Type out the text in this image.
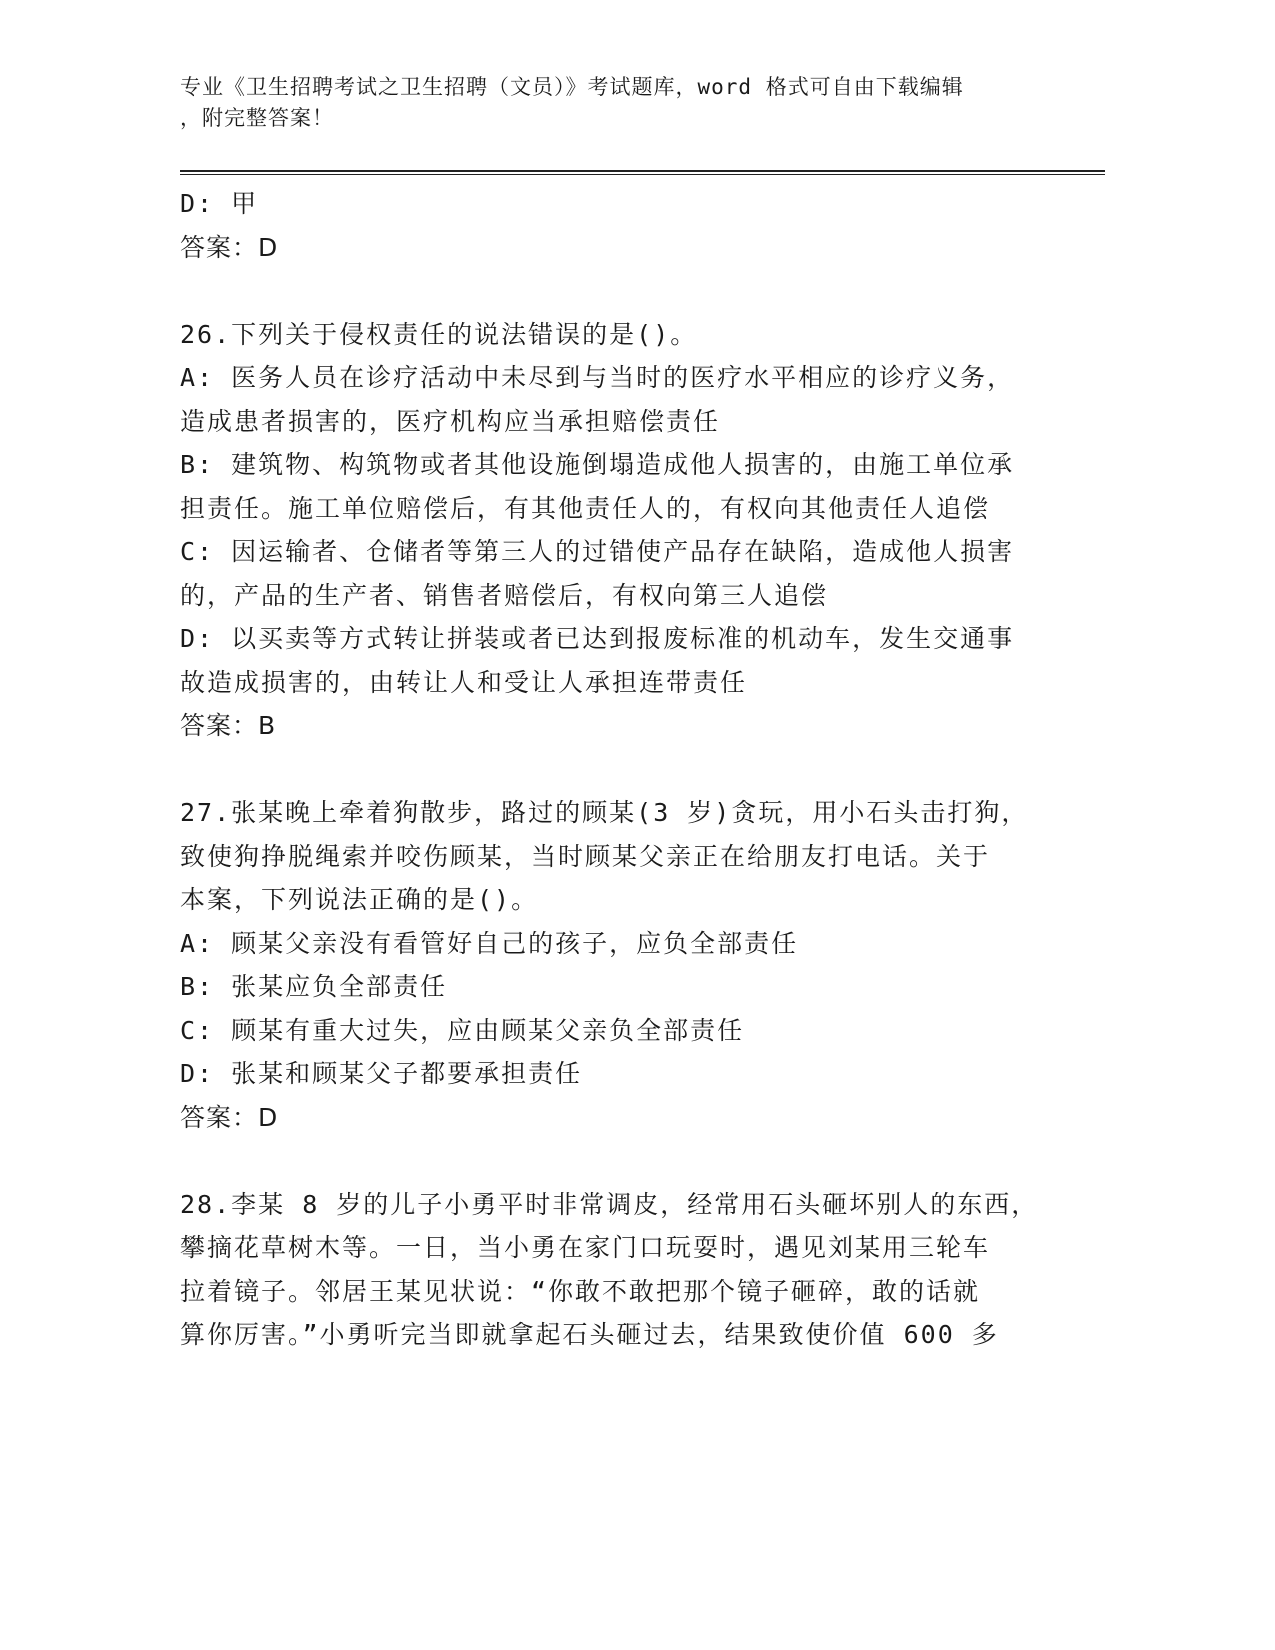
专业《卫生招聘考试之卫生招聘（文员）》考试题库，word 格式可自由下载编辑
，附完整答案！
D: 甲
答案：D
26.下列关于侵权责任的说法错误的是()。
A: 医务人员在诊疗活动中未尽到与当时的医疗水平相应的诊疗义务，
造成患者损害的，医疗机构应当承担赔偿责任
B: 建筑物、构筑物或者其他设施倒塌造成他人损害的，由施工单位承
担责任。施工单位赔偿后，有其他责任人的，有权向其他责任人追偿
C: 因运输者、仓储者等第三人的过错使产品存在缺陷，造成他人损害
的，产品的生产者、销售者赔偿后，有权向第三人追偿
D: 以买卖等方式转让拼装或者已达到报废标准的机动车，发生交通事
故造成损害的，由转让人和受让人承担连带责任
答案：B
27.张某晚上牵着狗散步，路过的顾某(3 岁)贪玩，用小石头击打狗，
致使狗挣脱绳索并咬伤顾某，当时顾某父亲正在给朋友打电话。关于
本案，下列说法正确的是()。
A: 顾某父亲没有看管好自己的孩子，应负全部责任
B: 张某应负全部责任
C: 顾某有重大过失，应由顾某父亲负全部责任
D: 张某和顾某父子都要承担责任
答案：D
28.李某 8 岁的儿子小勇平时非常调皮，经常用石头砸坏别人的东西，
攀摘花草树木等。一日，当小勇在家门口玩耍时，遇见刘某用三轮车
拉着镜子。邻居王某见状说：“你敢不敢把那个镜子砸碎，敢的话就
算你厉害。”小勇听完当即就拿起石头砸过去，结果致使价值 600 多
